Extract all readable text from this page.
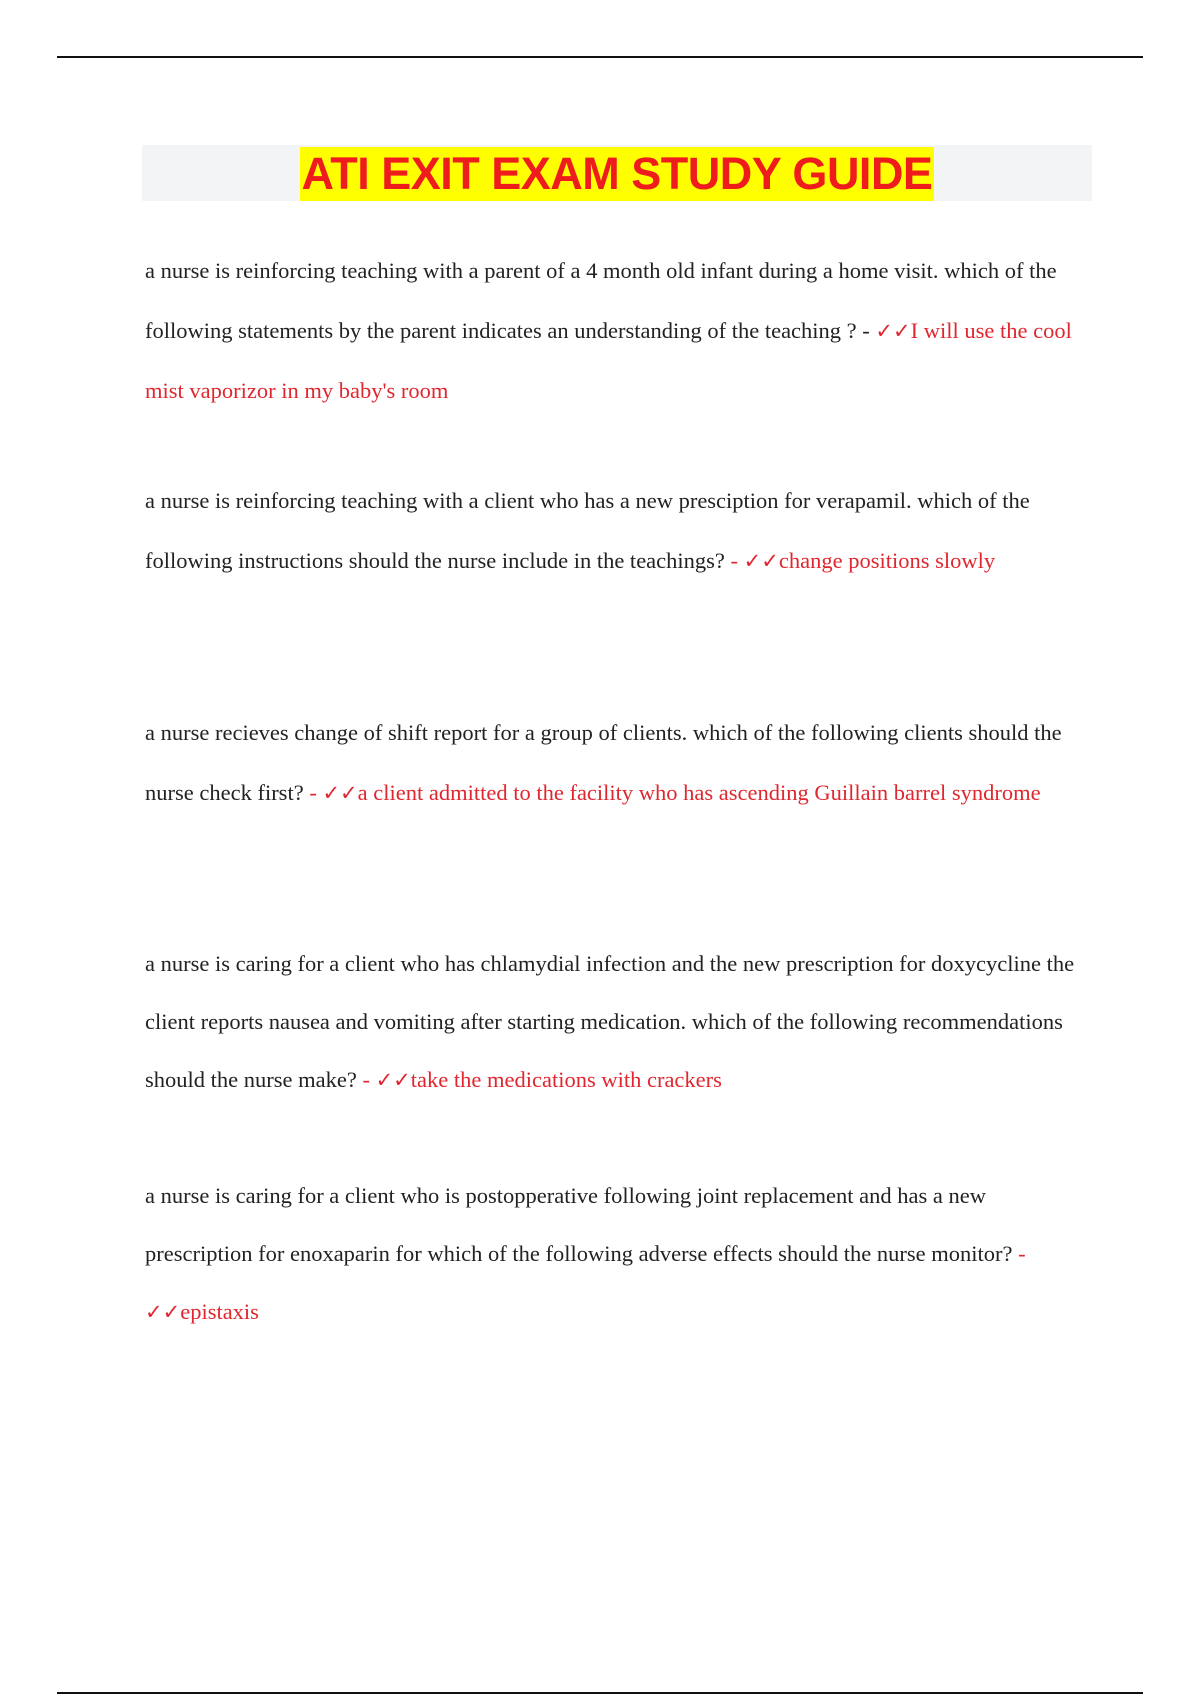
ATI EXIT EXAM STUDY GUIDE

a nurse is reinforcing teaching with a parent of a 4 month old infant during a home visit. which of the following statements by the parent indicates an understanding of the teaching ? - ✓✓I will use the cool mist vaporizor in my baby's room

a nurse is reinforcing teaching with a client who has a new presciption for verapamil. which of the following instructions should the nurse include in the teachings? - ✓✓change positions slowly

a nurse recieves change of shift report for a group of clients. which of the following clients should the nurse check first? - ✓✓a client admitted to the facility who has ascending Guillain barrel syndrome

a nurse is caring for a client who has chlamydial infection and the new prescription for doxycycline the client reports nausea and vomiting after starting medication. which of the following recommendations should the nurse make? - ✓✓take the medications with crackers

a nurse is caring for a client who is postopperative following joint replacement and has a new prescription for enoxaparin for which of the following adverse effects should the nurse monitor? - ✓✓epistaxis
